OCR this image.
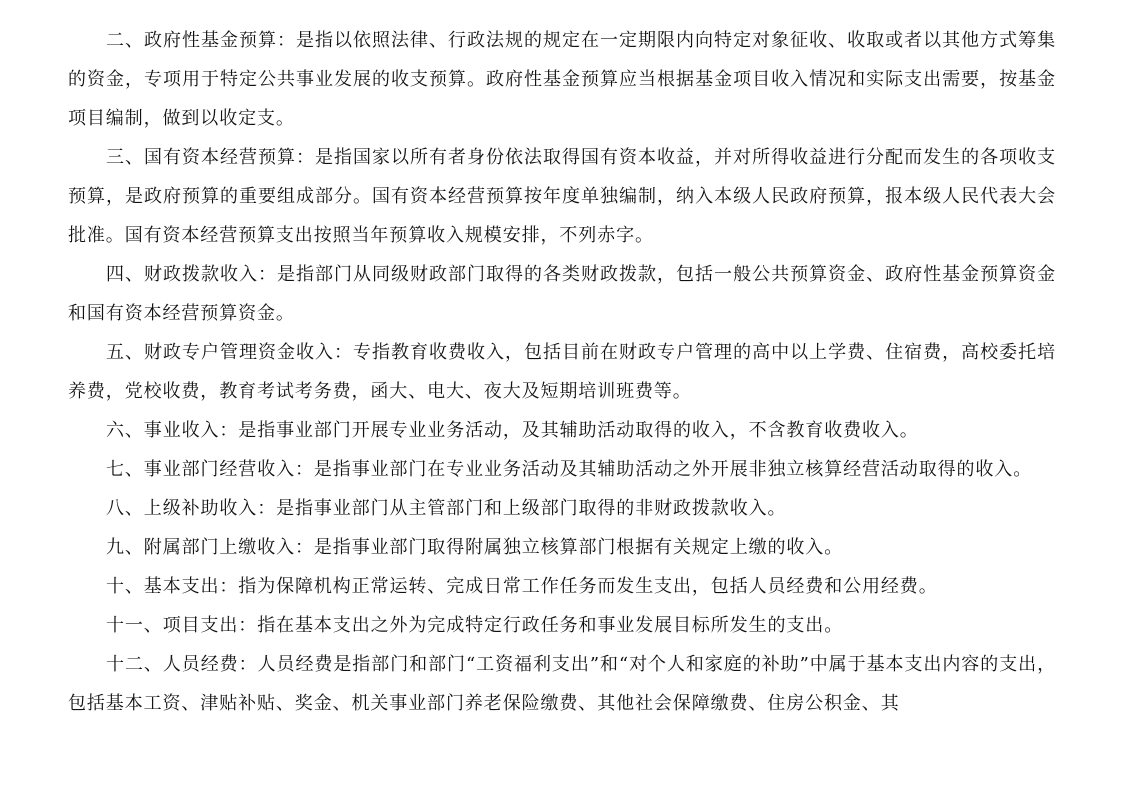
二、政府性基金预算：是指以依照法律、行政法规的规定在一定期限内向特定对象征收、收取或者以其他方式筹集的资金，专项用于特定公共事业发展的收支预算。政府性基金预算应当根据基金项目收入情况和实际支出需要，按基金项目编制，做到以收定支。

三、国有资本经营预算：是指国家以所有者身份依法取得国有资本收益，并对所得收益进行分配而发生的各项收支预算，是政府预算的重要组成部分。国有资本经营预算按年度单独编制，纳入本级人民政府预算，报本级人民代表大会批准。国有资本经营预算支出按照当年预算收入规模安排，不列赤字。

四、财政拨款收入：是指部门从同级财政部门取得的各类财政拨款，包括一般公共预算资金、政府性基金预算资金和国有资本经营预算资金。

五、财政专户管理资金收入：专指教育收费收入，包括目前在财政专户管理的高中以上学费、住宿费，高校委托培养费，党校收费，教育考试考务费，函大、电大、夜大及短期培训班费等。

六、事业收入：是指事业部门开展专业业务活动，及其辅助活动取得的收入，不含教育收费收入。

七、事业部门经营收入：是指事业部门在专业业务活动及其辅助活动之外开展非独立核算经营活动取得的收入。

八、上级补助收入：是指事业部门从主管部门和上级部门取得的非财政拨款收入。

九、附属部门上缴收入：是指事业部门取得附属独立核算部门根据有关规定上缴的收入。

十、基本支出：指为保障机构正常运转、完成日常工作任务而发生支出，包括人员经费和公用经费。

十一、项目支出：指在基本支出之外为完成特定行政任务和事业发展目标所发生的支出。

十二、人员经费：人员经费是指部门和部门“工资福利支出”和“对个人和家庭的补助”中属于基本支出内容的支出，包括基本工资、津贴补贴、奖金、机关事业部门养老保险缴费、其他社会保障缴费、住房公积金、其
